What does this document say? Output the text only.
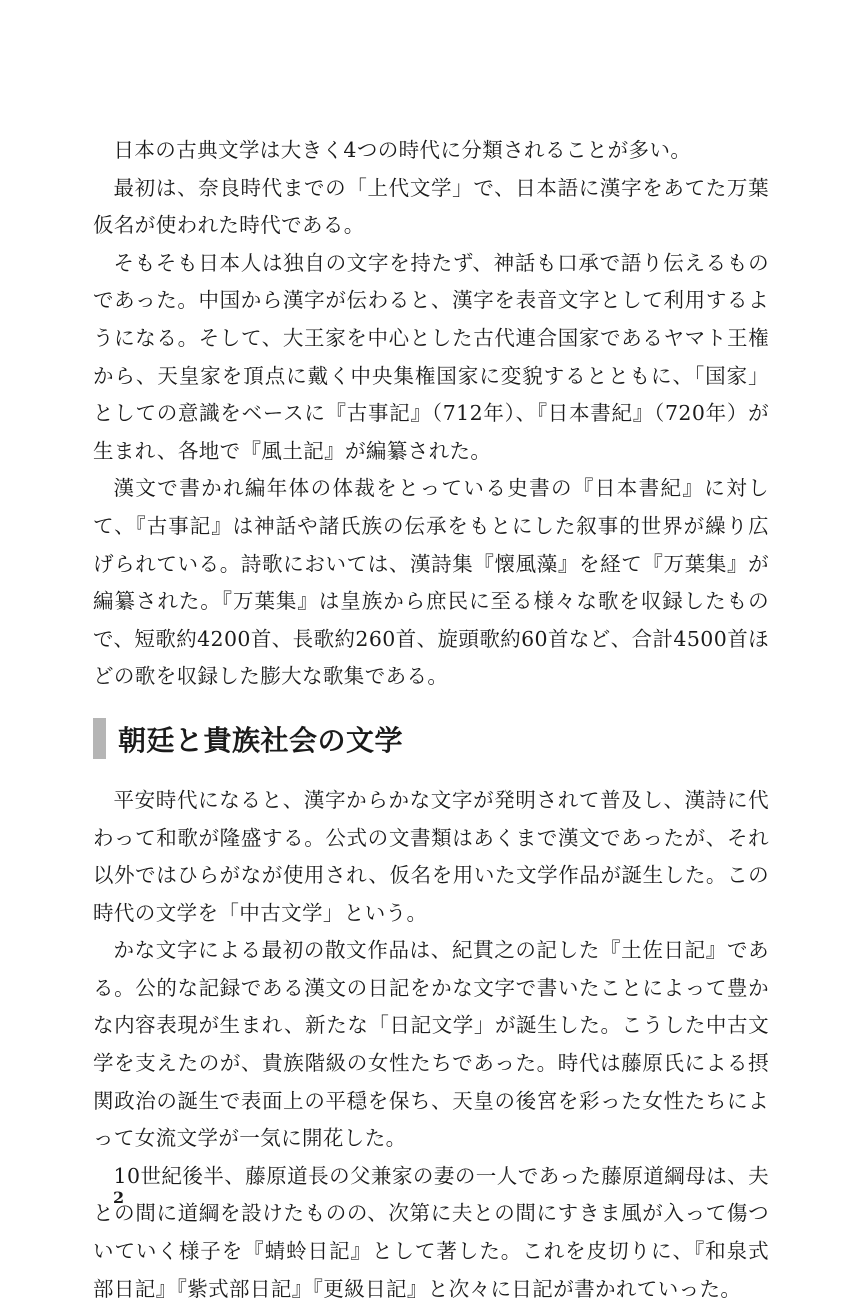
日本の古典文学は大きく4つの時代に分類されることが多い。

最初は、奈良時代までの「上代文学」で、日本語に漢字をあてた万葉仮名が使われた時代である。

そもそも日本人は独自の文字を持たず、神話も口承で語り伝えるものであった。中国から漢字が伝わると、漢字を表音文字として利用するようになる。そして、大王家を中心とした古代連合国家であるヤマト王権から、天皇家を頂点に戴く中央集権国家に変貌するとともに、「国家」としての意識をベースに『古事記』（712年）、『日本書紀』（720年）が生まれ、各地で『風土記』が編纂された。

漢文で書かれ編年体の体裁をとっている史書の『日本書紀』に対して、『古事記』は神話や諸氏族の伝承をもとにした叙事的世界が繰り広げられている。詩歌においては、漢詩集『懐風藻』を経て『万葉集』が編纂された。『万葉集』は皇族から庶民に至る様々な歌を収録したもので、短歌約4200首、長歌約260首、旋頭歌約60首など、合計4500首ほどの歌を収録した膨大な歌集である。

朝廷と貴族社会の文学

平安時代になると、漢字からかな文字が発明されて普及し、漢詩に代わって和歌が隆盛する。公式の文書類はあくまで漢文であったが、それ以外ではひらがなが使用され、仮名を用いた文学作品が誕生した。この時代の文学を「中古文学」という。

かな文字による最初の散文作品は、紀貫之の記した『土佐日記』である。公的な記録である漢文の日記をかな文字で書いたことによって豊かな内容表現が生まれ、新たな「日記文学」が誕生した。こうした中古文学を支えたのが、貴族階級の女性たちであった。時代は藤原氏による摂関政治の誕生で表面上の平穏を保ち、天皇の後宮を彩った女性たちによって女流文学が一気に開花した。

10世紀後半、藤原道長の父兼家の妻の一人であった藤原道綱母は、夫との間に道綱を設けたものの、次第に夫との間にすきま風が入って傷ついていく様子を『蜻蛉日記』として著した。これを皮切りに、『和泉式部日記』『紫式部日記』『更級日記』と次々に日記が書かれていった。

2
